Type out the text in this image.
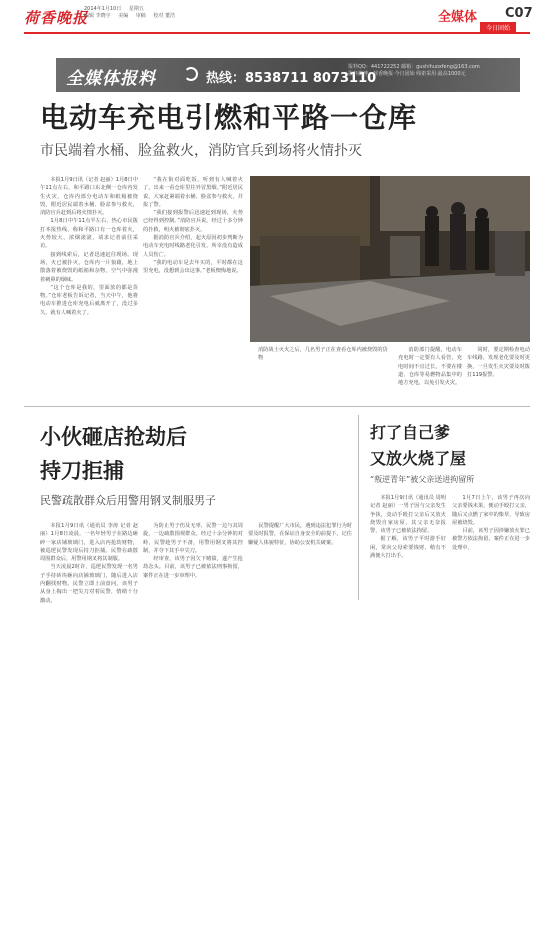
荷香晚报
2014年1月10日 星期五
编辑 李晓宇 美编 审稿 校对 董浩	全媒体 C07
今日固始
全媒体报料	热线：8538711 8073110
报料QQ：441722252 邮箱：gushihuoxfeng@163.com
报料微博：荷香晚报·今日固始 线索采用·最高1000元
电动车充电引燃和平路一仓库
市民端着水桶、脸盆救火，消防官兵到场将火情扑灭

本报1月9日讯（记者 赵丽）1月8日中午11点左右，和平路口东北侧一仓库内发生火灾，仓库内部分电动车和纸箱被烧毁，附近居民端着水桶、脸盆参与救火，消防官兵赶到后将火情扑灭。

1月8日中午11点半左右，热心市民拨打本报热线，称和平路口有一仓库着火，火势较大，浓烟滚滚，请求记者前往采访。

接到线索后，记者迅速赶往现场。现场，火已被扑灭，仓库内一片狼藉，地上散落着被烧毁的纸箱和杂物，空气中弥漫着刺鼻的烟味。

“这个仓库是我的，里面放的都是货物。”仓库老板告诉记者，当天中午，他将电动车推进仓库充电后就离开了，没过多久，就有人喊着火了。

“我在街对面吃饭，听到有人喊着火了，出来一看仓库里往外冒黑烟。”附近居民说，大家赶紧端着水桶、脸盆参与救火，并报了警。

“我们接到报警后迅速赶到现场，火势已经得到控制。”消防官兵说，经过十多分钟的扑救，明火被彻底扑灭。

据消防官兵介绍，起火原因初步判断为电动车充电时线路老化引发，所幸没有造成人员伤亡。

“我的电动车是去年买的，平时都在这里充电，没想到会出这事。”老板懊悔地说。

消防战士灭火之后，几名男子正在查看仓库内被烧毁的货物

消防部门提醒，电动车充电时一定要有人看管，充电时间不宜过长，不要在楼道、仓库等易燃物品集中的地方充电，以免引发火灾。

同时，要定期检查电动车线路，发现老化要及时更换，一旦发生火灾要及时拨打119报警。

小伙砸店抢劫后
持刀拒捕
民警疏散群众后用警用钢叉制服男子

本报1月9日讯（通讯员 李涛 记者 赵丽）1月8日凌晨，一名年轻男子在路边砸碎一家店铺玻璃门，进入店内抢劫财物，被巡逻民警发现后持刀拒捕。民警在疏散周围群众后，用警用钢叉将其制服。

当天凌晨2时许，巡逻民警发现一名男子手持砖块砸向店铺玻璃门，随后进入店内翻找财物。民警立即上前盘问，该男子从身上掏出一把尖刀对着民警，情绪十分激动。

为防止男子伤及无辜，民警一边与其周旋，一边疏散围观群众。经过十余分钟的对峙，民警趁男子不备，用警用钢叉将其控制，并夺下其手中尖刀。

经审查，该男子因欠下赌债，遂产生抢劫念头。目前，该男子已被依法刑事拘留，案件正在进一步审理中。

民警提醒广大市民，遇到违法犯罪行为时要及时报警，在保证自身安全的前提下，记住嫌疑人体貌特征，协助公安机关破案。

打了自己爹
又放火烧了屋
“叛逆青年”被父亲送进拘留所

本报1月9日讯（通讯员 周明 记者 赵丽）一男子因与父亲发生争执，竟动手殴打父亲后又放火烧毁自家房屋，其父亲无奈报警，该男子已被依法拘留。

据了解，该男子平时游手好闲，常向父母索要钱财，稍有不满便大打出手。

1月7日上午，该男子再次向父亲要钱未果，便动手殴打父亲，随后又点燃了家中的柴草，导致房屋被烧毁。

目前，该男子因涉嫌放火罪已被警方依法拘留，案件正在进一步处理中。
